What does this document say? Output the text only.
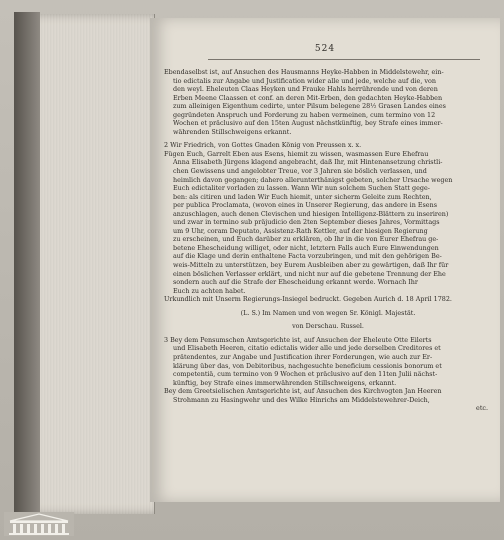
524
Ebendaselbst ist, auf Ansuchen des Hausmanns Heyke-Habben in Middelstewehr, ein-
tio edictalis zur Angabe und Justification wider alle und jede, welche auf die, von
den weyl. Eheleuten Claas Heyken und Frauke Hahls herrührende und von deren
Erben Meene Claassen et conf. an deren Mit-Erben, den gedachten Heyke-Habben
zum alleinigen Eigenthum cedirte, unter Pilsum belegene 28½ Grasen Landes eines
gegründeten Anspruch und Forderung zu haben vermeinen, cum termino von 12
Wochen et präclusivo auf den 15ten August nächstkünftig, bey Strafe eines immer-
währenden Stillschweigens erkannt.
2 Wir Friedrich, von Gottes Gnaden König von Preussen x. x.
Fügen Euch, Garrelt Eben aus Esens, hiemit zu wissen, wasmassen Eure Ehefrau
Anna Elisabeth Jürgens klagend angebracht, daß Ihr, mit Hintenansetzung christli-
chen Gewissens und angelobter Treue, vor 3 Jahren sie böslich verlassen, und
heimlich davon gegangen; dahero allerunterthänigst gebeten, solcher Ursache wegen
Euch edictaliter vorladen zu lassen. Wann Wir nun solchem Suchen Statt gege-
ben: als citiren und laden Wir Euch hiemit, unter sicherm Geleite zum Rechten,
per publica Proclamata, (wovon eines in Unserer Regierung, das andere in Esens
anzuschlagen, auch denen Clevischen und hiesigen Intelligenz-Blättern zu inseriren)
und zwar in termino sub präjudicio den 2ten September dieses Jahres, Vormittags
um 9 Uhr, coram Deputato, Assistenz-Rath Kettler, auf der hiesigen Regierung
zu erscheinen, und Euch darüber zu erklären, ob Ihr in die von Eurer Ehefrau ge-
betene Ehescheidung williget, oder nicht, letztern Falls auch Eure Einwendungen
auf die Klage und derin enthaltene Facta vorzubringen, und mit den gehörigen Be-
weis-Mitteln zu unterstützen, bey Eurem Ausbleiben aber zu gewärtigen, daß Ihr für
einen böslichen Verlasser erklärt, und nicht nur auf die gebetene Trennung der Ehe
sondern auch auf die Strafe der Ehescheidung erkannt werde. Wornach Ihr
Euch zu achten habet.
Urkundlich mit Unserm Regierungs-Insiegel bedruckt. Gegeben Aurich d. 18 April 1782.
(L. S.) Im Namen und von wegen Sr. Königl. Majestät.
von Derschau. Russel.
3 Bey dem Pensumschen Amtsgerichte ist, auf Ansuchen der Eheleute Otte Eilerts
und Elisabeth Heeren, citatio edictalis wider alle und jede derselben Creditores et
prätendentes, zur Angabe und Justification ihrer Forderungen, wie auch zur Er-
klärung über das, von Debitoribus, nachgesuchte beneficium cessionis bonorum et
competentiä, cum termino von 9 Wochen et präclusivo auf den 11ten Julii nächst-
künftig, bey Strafe eines immerwährenden Stillschweigens, erkannt.
Bey dem Greetsielischen Amtsgerichte ist, auf Ansuchen des Kirchvogten Jan Heeren
Strohmann zu Hasingwehr und des Wilke Hinrichs am Middelstewehrer-Deich,
etc.
